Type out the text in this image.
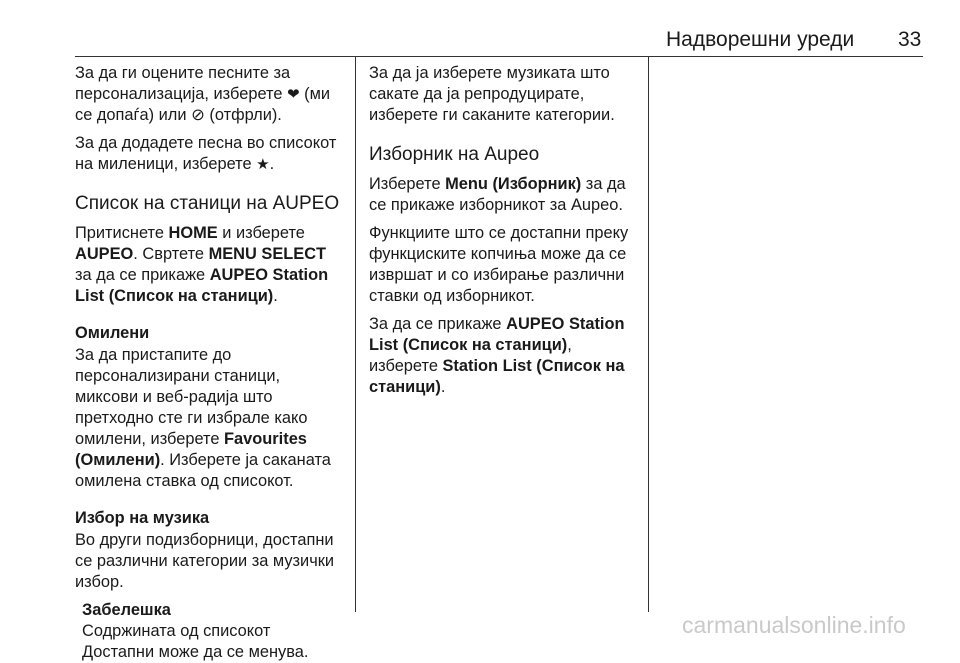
Надворешни уреди 33

За да ги оцените песните за персонализација, изберете ❤ (ми се допаѓа) или ⊘ (отфрли).

За да додадете песна во списокот на миленици, изберете ★.

Список на станици на AUPEO

Притиснете HOME и изберете AUPEO. Свртете MENU SELECT за да се прикаже AUPEO Station List (Список на станици).

Омилени

За да пристапите до персонализирани станици, миксови и веб-радија што претходно сте ги избрале како омилени, изберете Favourites (Омилени). Изберете ја саканата омилена ставка од списокот.

Избор на музика

Во други подизборници, достапни се различни категории за музички избор.

Забелешка
Содржината од списокот
Достапни може да се менува.

За да ја изберете музиката што сакате да ја репродуцирате, изберете ги саканите категории.

Изборник на Aupeo

Изберете Menu (Изборник) за да се прикаже изборникот за Aupeo.

Функциите што се достапни преку функциските копчиња може да се извршат и со избирање различни ставки од изборникот.

За да се прикаже AUPEO Station List (Список на станици), изберете Station List (Список на станици).

carmanualsonline.info
